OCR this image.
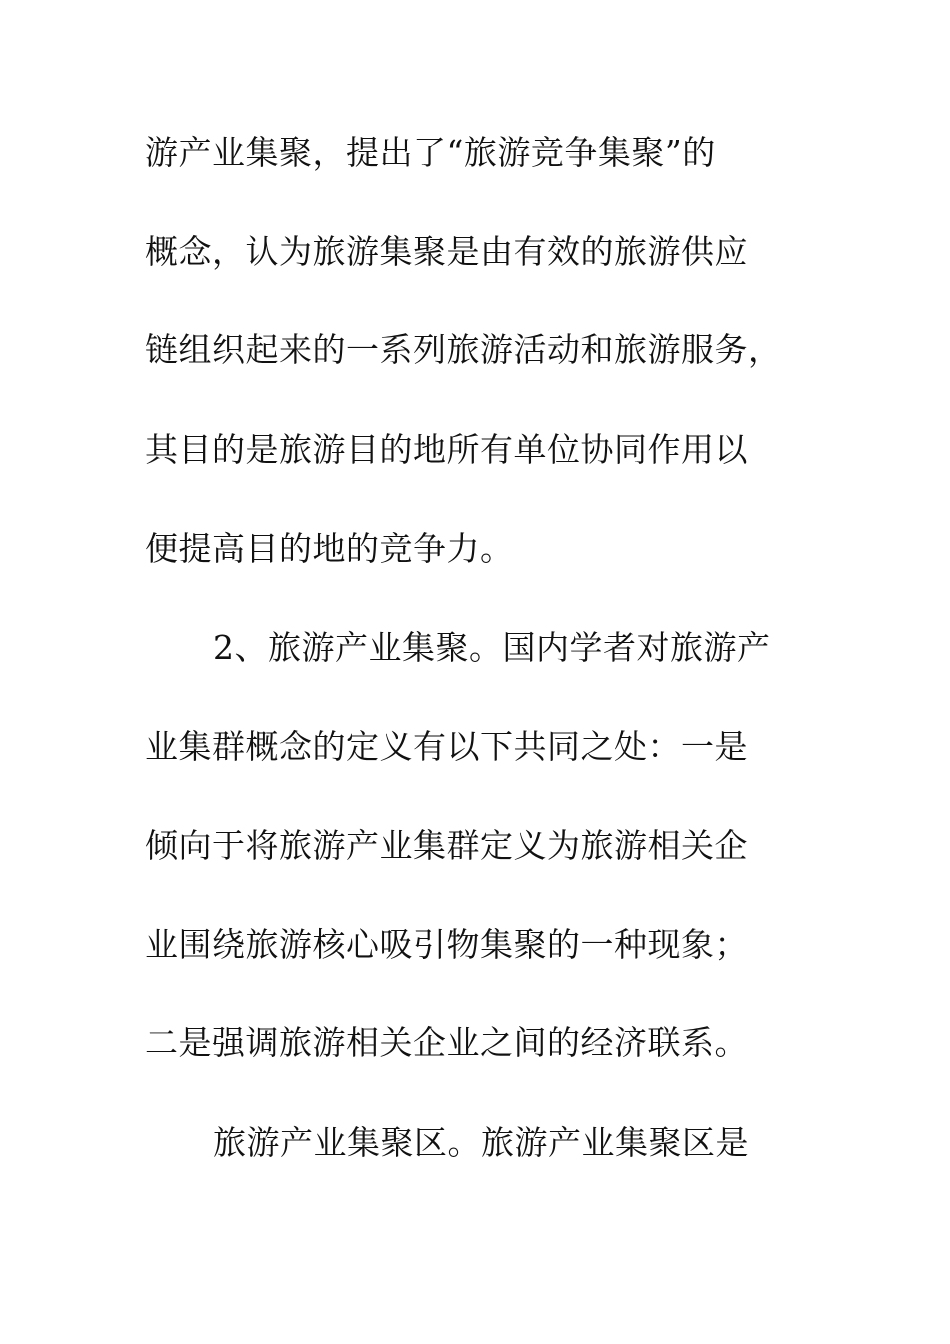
游产业集聚，提出了“旅游竞争集聚”的
概念，认为旅游集聚是由有效的旅游供应
链组织起来的一系列旅游活动和旅游服务，
其目的是旅游目的地所有单位协同作用以
便提高目的地的竞争力。
2、旅游产业集聚。国内学者对旅游产
业集群概念的定义有以下共同之处：一是
倾向于将旅游产业集群定义为旅游相关企
业围绕旅游核心吸引物集聚的一种现象；
二是强调旅游相关企业之间的经济联系。
旅游产业集聚区。旅游产业集聚区是
